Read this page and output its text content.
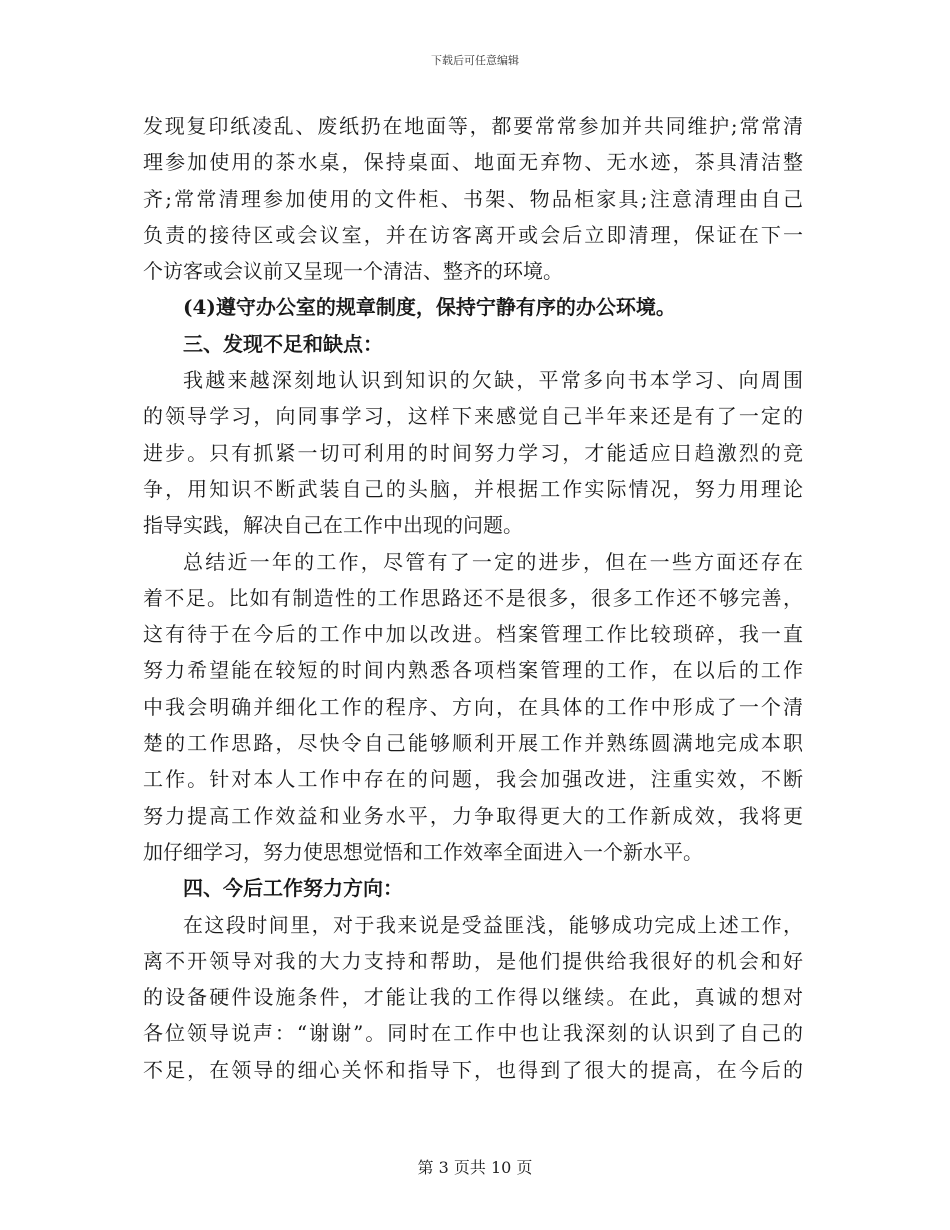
下载后可任意编辑
发现复印纸凌乱、废纸扔在地面等，都要常常参加并共同维护;常常清
理参加使用的茶水桌，保持桌面、地面无弃物、无水迹，茶具清洁整
齐;常常清理参加使用的文件柜、书架、物品柜家具;注意清理由自己
负责的接待区或会议室，并在访客离开或会后立即清理，保证在下一
个访客或会议前又呈现一个清洁、整齐的环境。
(4)遵守办公室的规章制度，保持宁静有序的办公环境。
三、发现不足和缺点：
我越来越深刻地认识到知识的欠缺，平常多向书本学习、向周围
的领导学习，向同事学习，这样下来感觉自己半年来还是有了一定的
进步。只有抓紧一切可利用的时间努力学习，才能适应日趋激烈的竞
争，用知识不断武装自己的头脑，并根据工作实际情况，努力用理论
指导实践，解决自己在工作中出现的问题。
总结近一年的工作，尽管有了一定的进步，但在一些方面还存在
着不足。比如有制造性的工作思路还不是很多，很多工作还不够完善，
这有待于在今后的工作中加以改进。档案管理工作比较琐碎，我一直
努力希望能在较短的时间内熟悉各项档案管理的工作，在以后的工作
中我会明确并细化工作的程序、方向，在具体的工作中形成了一个清
楚的工作思路，尽快令自己能够顺利开展工作并熟练圆满地完成本职
工作。针对本人工作中存在的问题，我会加强改进，注重实效，不断
努力提高工作效益和业务水平，力争取得更大的工作新成效，我将更
加仔细学习，努力使思想觉悟和工作效率全面进入一个新水平。
四、今后工作努力方向：
在这段时间里，对于我来说是受益匪浅，能够成功完成上述工作，
离不开领导对我的大力支持和帮助，是他们提供给我很好的机会和好
的设备硬件设施条件，才能让我的工作得以继续。在此，真诚的想对
各位领导说声：“谢谢”。同时在工作中也让我深刻的认识到了自己的
不足，在领导的细心关怀和指导下，也得到了很大的提高，在今后的
第 3 页共 10 页
